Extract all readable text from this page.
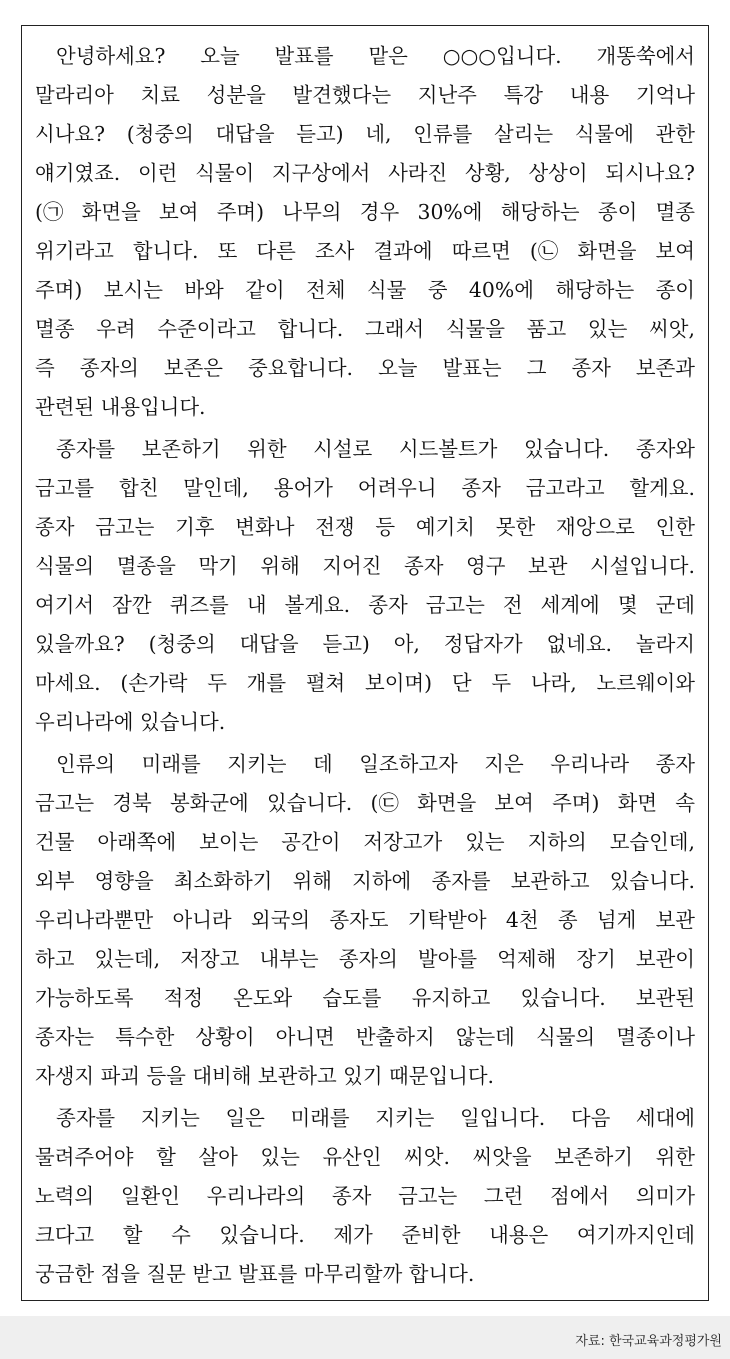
안녕하세요? 오늘 발표를 맡은 ○○○입니다. 개똥쑥에서
말라리아 치료 성분을 발견했다는 지난주 특강 내용 기억나
시나요? (청중의 대답을 듣고) 네, 인류를 살리는 식물에 관한
얘기였죠. 이런 식물이 지구상에서 사라진 상황, 상상이 되시나요?
(㉠ 화면을 보여 주며) 나무의 경우 30%에 해당하는 종이 멸종
위기라고 합니다. 또 다른 조사 결과에 따르면 (㉡ 화면을 보여
주며) 보시는 바와 같이 전체 식물 중 40%에 해당하는 종이
멸종 우려 수준이라고 합니다. 그래서 식물을 품고 있는 씨앗,
즉 종자의 보존은 중요합니다. 오늘 발표는 그 종자 보존과
관련된 내용입니다.
종자를 보존하기 위한 시설로 시드볼트가 있습니다. 종자와
금고를 합친 말인데, 용어가 어려우니 종자 금고라고 할게요.
종자 금고는 기후 변화나 전쟁 등 예기치 못한 재앙으로 인한
식물의 멸종을 막기 위해 지어진 종자 영구 보관 시설입니다.
여기서 잠깐 퀴즈를 내 볼게요. 종자 금고는 전 세계에 몇 군데
있을까요? (청중의 대답을 듣고) 아, 정답자가 없네요. 놀라지
마세요. (손가락 두 개를 펼쳐 보이며) 단 두 나라, 노르웨이와
우리나라에 있습니다.
인류의 미래를 지키는 데 일조하고자 지은 우리나라 종자
금고는 경북 봉화군에 있습니다. (㉢ 화면을 보여 주며) 화면 속
건물 아래쪽에 보이는 공간이 저장고가 있는 지하의 모습인데,
외부 영향을 최소화하기 위해 지하에 종자를 보관하고 있습니다.
우리나라뿐만 아니라 외국의 종자도 기탁받아 4천 종 넘게 보관
하고 있는데, 저장고 내부는 종자의 발아를 억제해 장기 보관이
가능하도록 적정 온도와 습도를 유지하고 있습니다. 보관된
종자는 특수한 상황이 아니면 반출하지 않는데 식물의 멸종이나
자생지 파괴 등을 대비해 보관하고 있기 때문입니다.
종자를 지키는 일은 미래를 지키는 일입니다. 다음 세대에
물려주어야 할 살아 있는 유산인 씨앗. 씨앗을 보존하기 위한
노력의 일환인 우리나라의 종자 금고는 그런 점에서 의미가
크다고 할 수 있습니다. 제가 준비한 내용은 여기까지인데
궁금한 점을 질문 받고 발표를 마무리할까 합니다.
자료: 한국교육과정평가원
